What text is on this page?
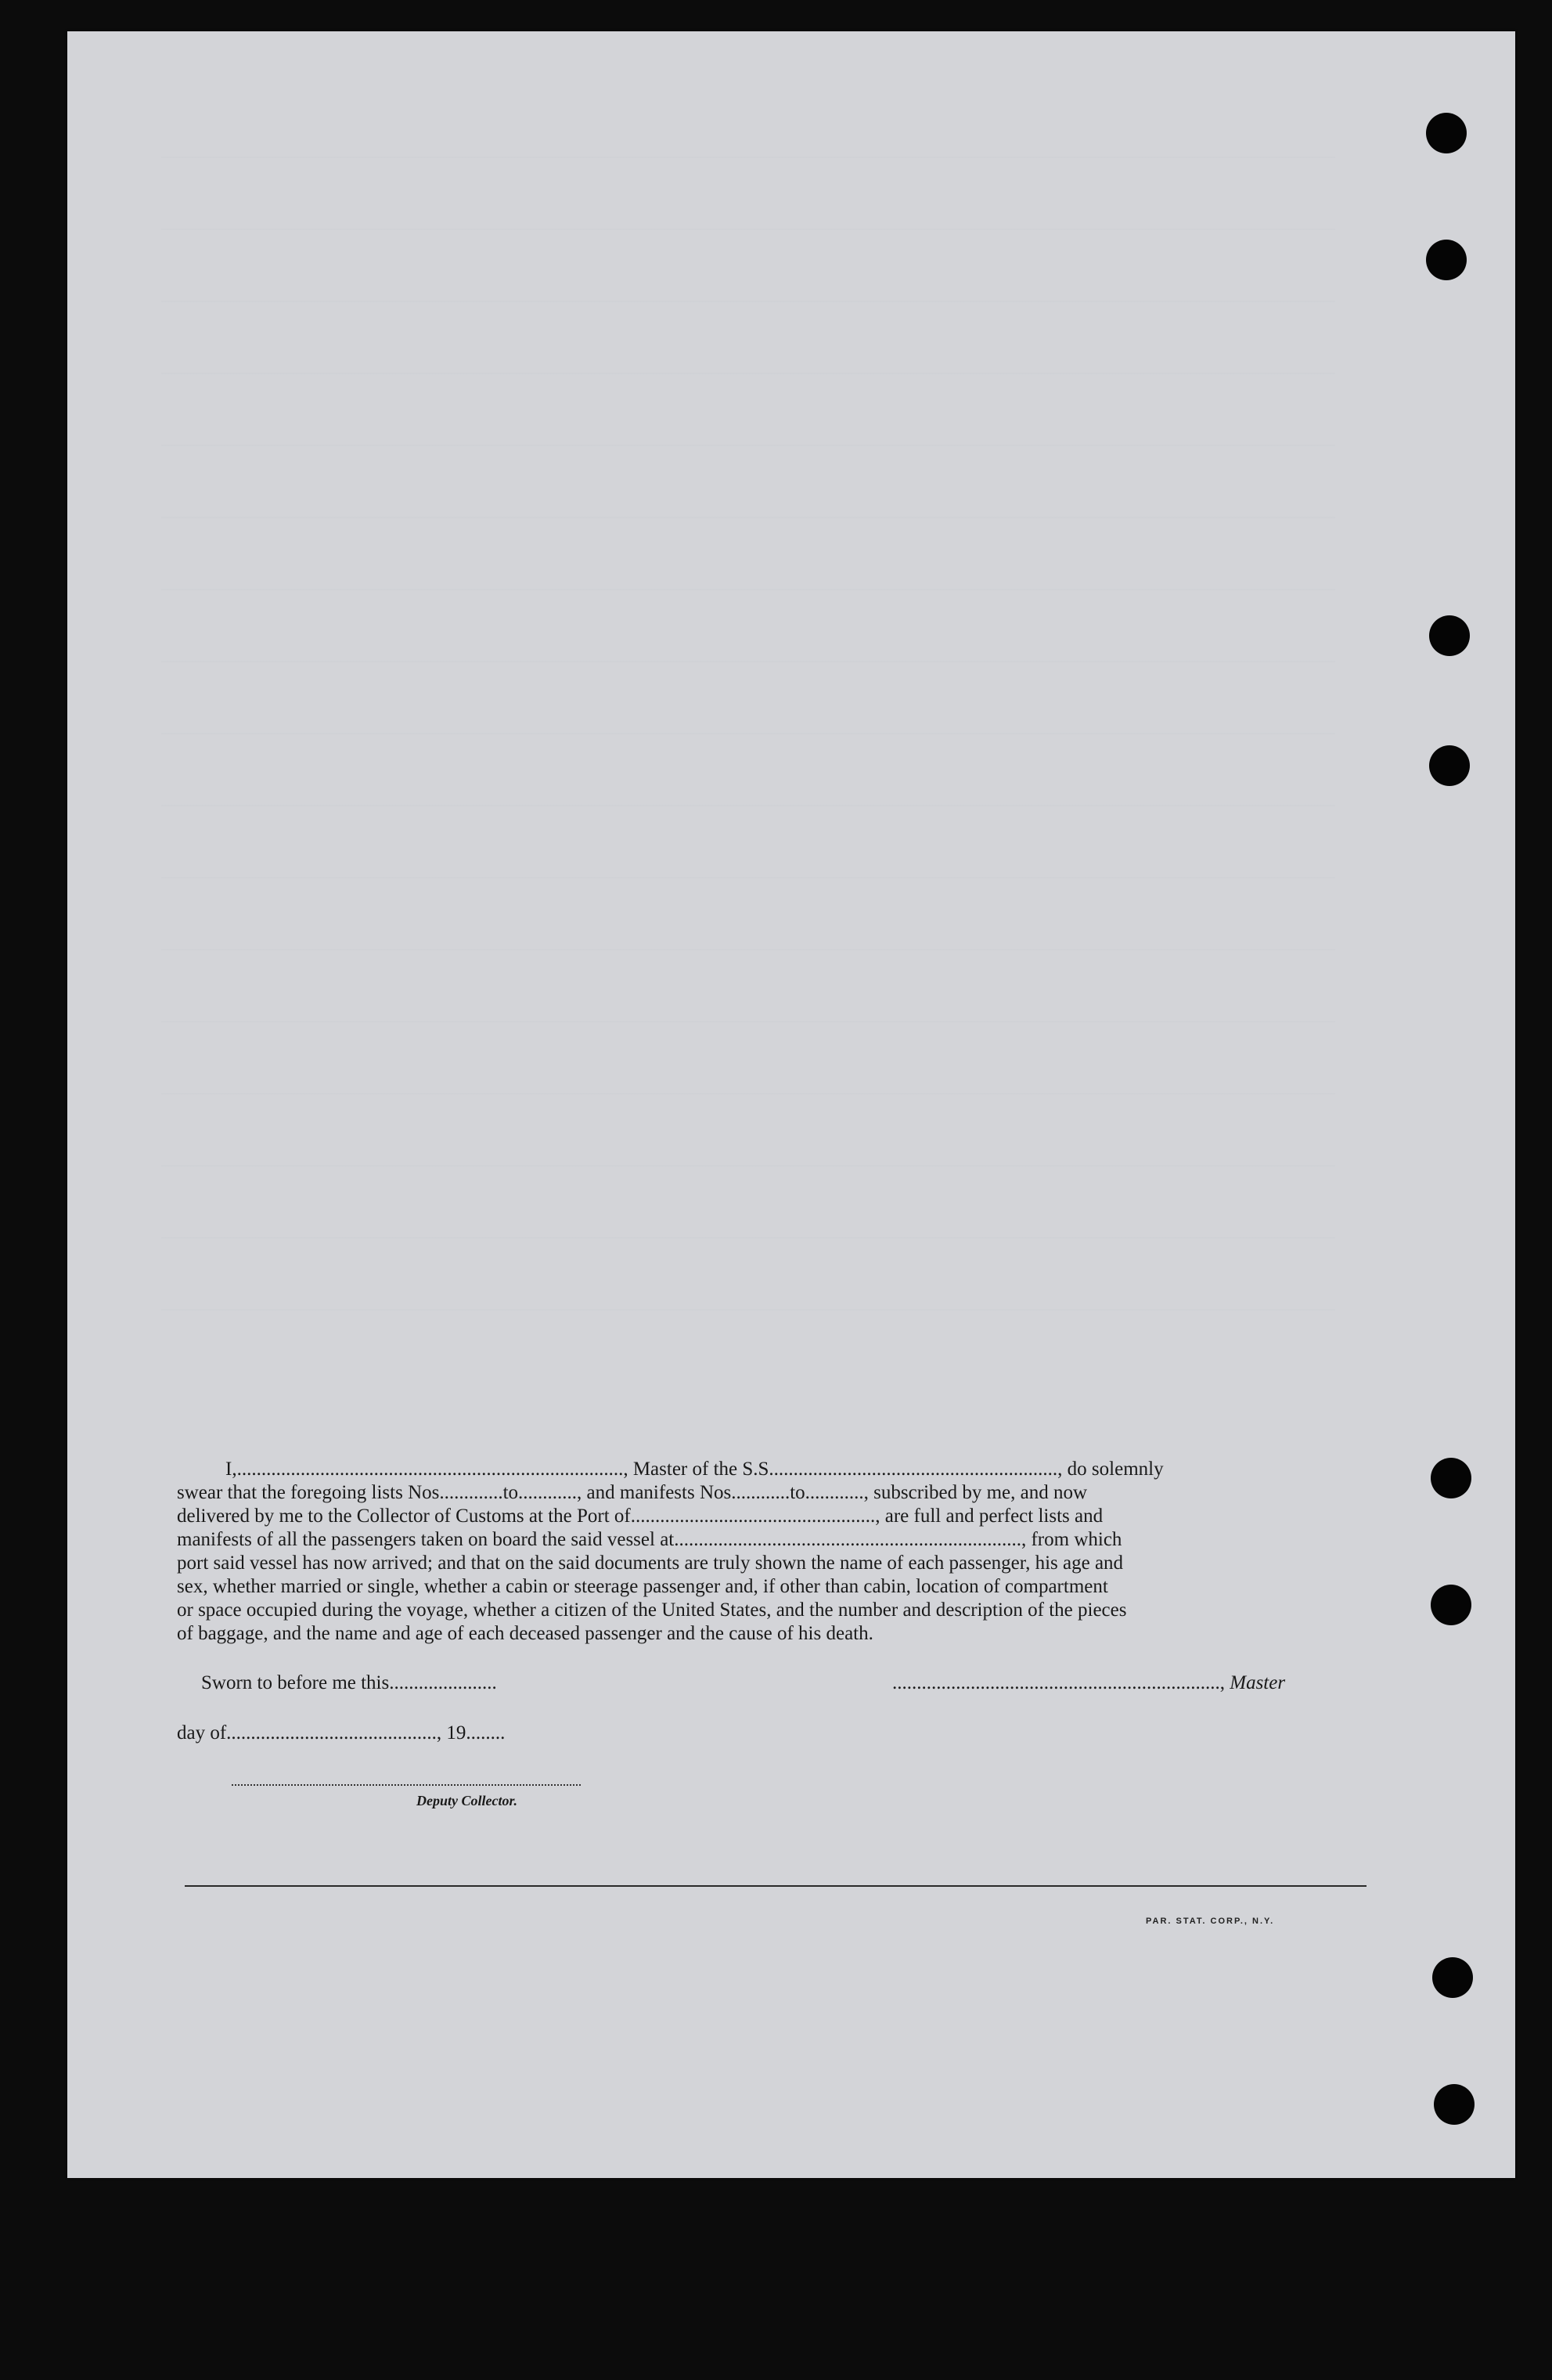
I,..............................................................................., Master of the S.S..........................................................., do solemnly
swear that the foregoing lists Nos.............to............, and manifests Nos............to............, subscribed by me, and now
delivered by me to the Collector of Customs at the Port of.................................................., are full and perfect lists and
manifests of all the passengers taken on board the said vessel at......................................................................., from which
port said vessel has now arrived; and that on the said documents are truly shown the name of each passenger, his age and
sex, whether married or single, whether a cabin or steerage passenger and, if other than cabin, location of compartment
or space occupied during the voyage, whether a citizen of the United States, and the number and description of the pieces
of baggage, and the name and age of each deceased passenger and the cause of his death.
Sworn to before me this......................	..................................................................., Master
day of..........................................., 19........
Deputy Collector.
PAR. STAT. CORP., N.Y.
